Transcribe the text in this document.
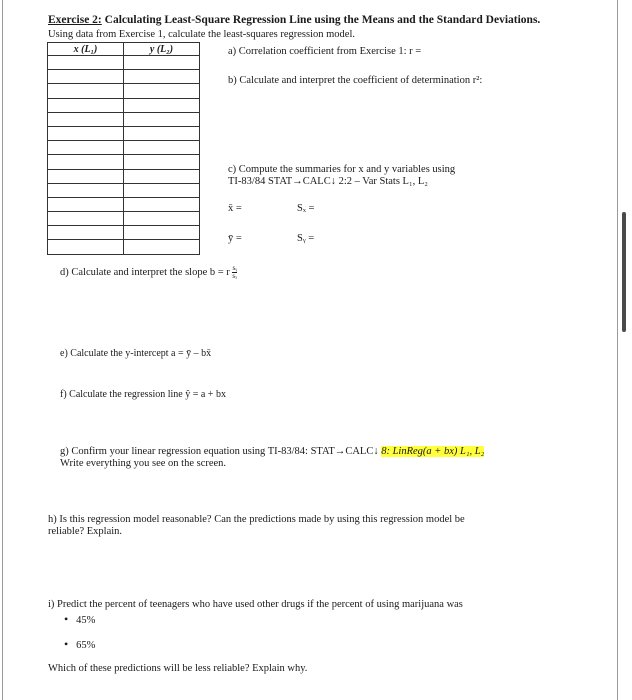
Exercise 2: Calculating Least-Square Regression Line using the Means and the Standard Deviations.
Using data from Exercise 1, calculate the least-squares regression model.
x (L₁)	y (L₂)

		a) Correlation coefficient from Exercise 1: r =
b) Calculate and interpret the coefficient of determination r²:
c) Compute the summaries for x and y variables using
TI-83/84 STAT→CALC↓ 2:2 – Var Stats L₁, L₂
x̄ =	Sₓ =
ȳ =	Sᵧ =
d) Calculate and interpret the slope b = r $\frac{\text{sᵧ}}{\text{sₓ}}$
e) Calculate the y-intercept a = ȳ – bx̄
f) Calculate the regression line ŷ = a + bx
g) Confirm your linear regression equation using TI-83/84: STAT→CALC↓ 8: LinReg(a + bx) L₁, L₂
Write everything you see on the screen.
h) Is this regression model reasonable? Can the predictions made by using this regression model be
reliable? Explain.
i) Predict the percent of teenagers who have used other drugs if the percent of using marijuana was
• 45%
• 65%
Which of these predictions will be less reliable? Explain why.
